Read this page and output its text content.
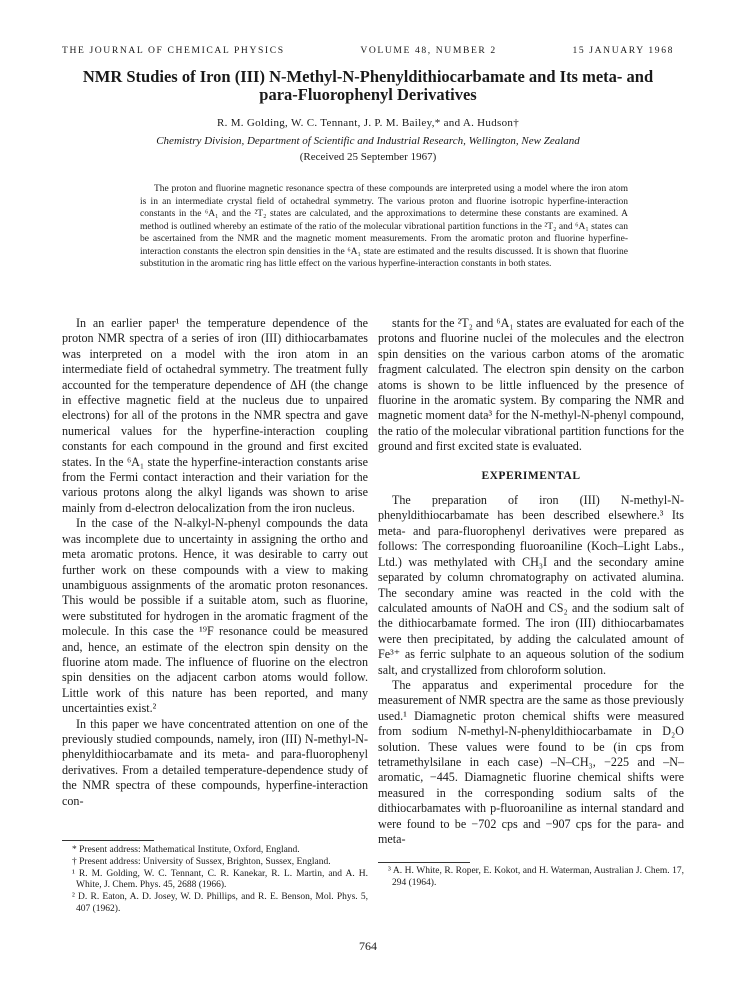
THE JOURNAL OF CHEMICAL PHYSICS	VOLUME 48, NUMBER 2	15 JANUARY 1968
NMR Studies of Iron (III) N-Methyl-N-Phenyldithiocarbamate and Its meta- and
para-Fluorophenyl Derivatives
R. M. Golding, W. C. Tennant, J. P. M. Bailey,* and A. Hudson†
Chemistry Division, Department of Scientific and Industrial Research, Wellington, New Zealand
(Received 25 September 1967)
The proton and fluorine magnetic resonance spectra of these compounds are interpreted using a model where the iron atom is in an intermediate crystal field of octahedral symmetry. The various proton and fluorine isotropic hyperfine-interaction constants in the ⁶A₁ and the ²T₂ states are calculated, and the approximations to determine these constants are examined. A method is outlined whereby an estimate of the ratio of the molecular vibrational partition functions in the ²T₂ and ⁶A₁ states can be ascertained from the NMR and the magnetic moment measurements. From the aromatic proton and fluorine hyperfine-interaction constants the electron spin densities in the ⁶A₁ state are estimated and the results discussed. It is shown that fluorine substitution in the aromatic ring has little effect on the various hyperfine-interaction constants in both states.

In an earlier paper¹ the temperature dependence of the proton NMR spectra of a series of iron (III) dithiocarbamates was interpreted on a model with the iron atom in an intermediate field of octahedral symmetry. The treatment fully accounted for the temperature dependence of ΔH (the change in effective magnetic field at the nucleus due to unpaired electrons) for all of the protons in the NMR spectra and gave numerical values for the hyperfine-interaction coupling constants for each compound in the ground and first excited states. In the ⁶A₁ state the hyperfine-interaction constants arise from the Fermi contact interaction and their variation for the various protons along the alkyl ligands was shown to arise mainly from d-electron delocalization from the iron nucleus.

In the case of the N-alkyl-N-phenyl compounds the data was incomplete due to uncertainty in assigning the ortho and meta aromatic protons. Hence, it was desirable to carry out further work on these compounds with a view to making unambiguous assignments of the aromatic proton resonances. This would be possible if a suitable atom, such as fluorine, were substituted for hydrogen in the aromatic fragment of the molecule. In this case the ¹⁹F resonance could be measured and, hence, an estimate of the electron spin density on the fluorine atom made. The influence of fluorine on the electron spin densities on the adjacent carbon atoms would follow. Little work of this nature has been reported, and many uncertainties exist.²

In this paper we have concentrated attention on one of the previously studied compounds, namely, iron (III) N-methyl-N-phenyldithiocarbamate and its meta- and para-fluorophenyl derivatives. From a detailed temperature-dependence study of the NMR spectra of these compounds, hyperfine-interaction con-

stants for the ²T₂ and ⁶A₁ states are evaluated for each of the protons and fluorine nuclei of the molecules and the electron spin densities on the various carbon atoms of the aromatic fragment calculated. The electron spin density on the carbon atoms is shown to be little influenced by the presence of fluorine in the aromatic system. By comparing the NMR and magnetic moment data³ for the N-methyl-N-phenyl compound, the ratio of the molecular vibrational partition functions for the ground and first excited state is evaluated.

EXPERIMENTAL

The preparation of iron (III) N-methyl-N-phenyldithiocarbamate has been described elsewhere.³ Its meta- and para-fluorophenyl derivatives were prepared as follows: The corresponding fluoroaniline (Koch–Light Labs., Ltd.) was methylated with CH₃I and the secondary amine separated by column chromatography on activated alumina. The secondary amine was reacted in the cold with the calculated amounts of NaOH and CS₂ and the sodium salt of the dithiocarbamate formed. The iron (III) dithiocarbamates were then precipitated, by adding the calculated amount of Fe³⁺ as ferric sulphate to an aqueous solution of the sodium salt, and crystallized from chloroform solution.

The apparatus and experimental procedure for the measurement of NMR spectra are the same as those previously used.¹ Diamagnetic proton chemical shifts were measured from sodium N-methyl-N-phenyldithiocarbamate in D₂O solution. These values were found to be (in cps from tetramethylsilane in each case) –N–CH₃, −225 and –N– aromatic, −445. Diamagnetic fluorine chemical shifts were measured in the corresponding sodium salts of the dithiocarbamates with p-fluoroaniline as internal standard and were found to be −702 cps and −907 cps for the para- and meta-

* Present address: Mathematical Institute, Oxford, England.

† Present address: University of Sussex, Brighton, Sussex, England.

¹ R. M. Golding, W. C. Tennant, C. R. Kanekar, R. L. Martin, and A. H. White, J. Chem. Phys. 45, 2688 (1966).

² D. R. Eaton, A. D. Josey, W. D. Phillips, and R. E. Benson, Mol. Phys. 5, 407 (1962).

³ A. H. White, R. Roper, E. Kokot, and H. Waterman, Australian J. Chem. 17, 294 (1964).

764
